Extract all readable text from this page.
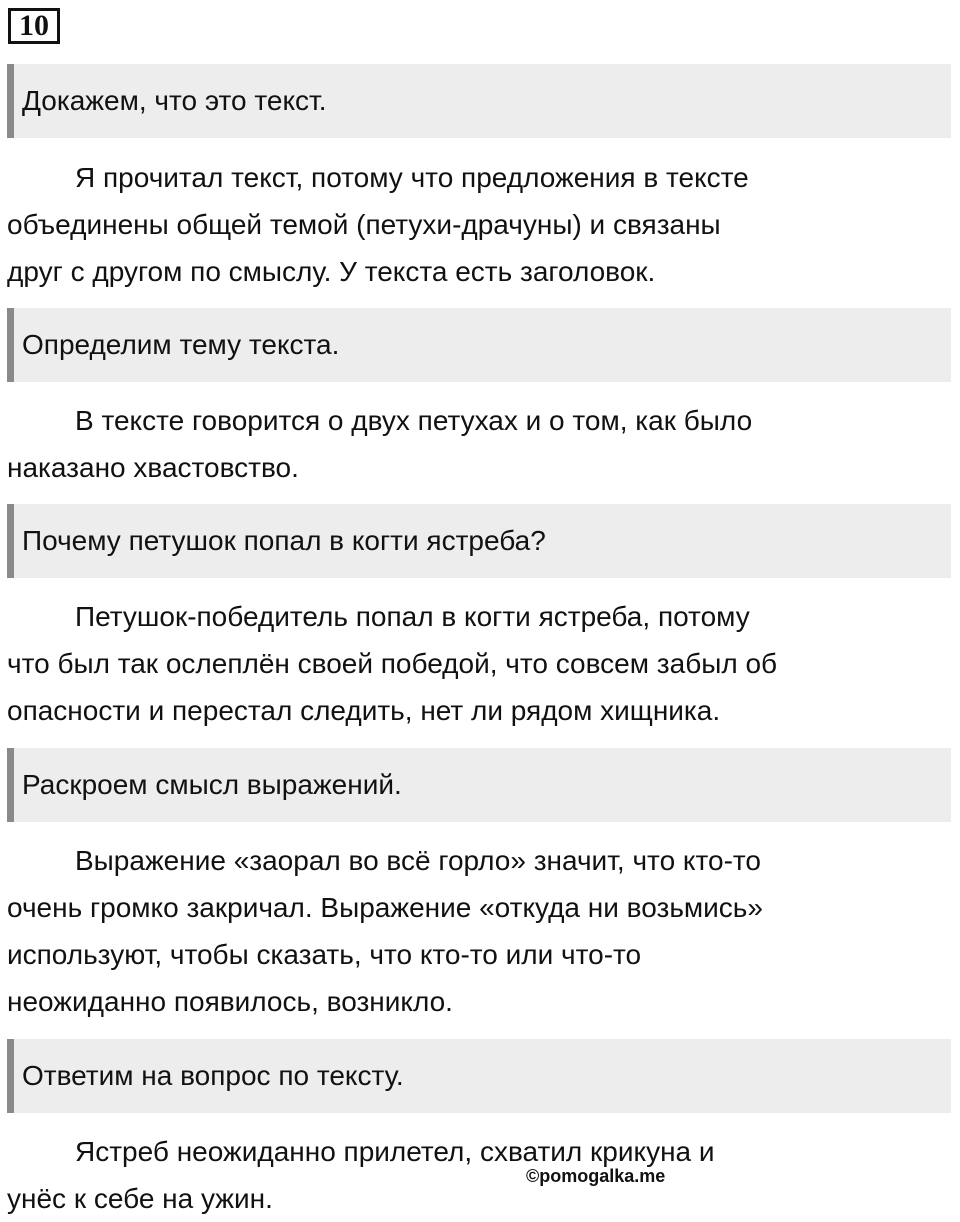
10
Докажем, что это текст.
Я прочитал текст, потому что предложения в тексте
объединены общей темой (петухи-драчуны) и связаны
друг с другом по смыслу. У текста есть заголовок.
Определим тему текста.
В тексте говорится о двух петухах и о том, как было
наказано хвастовство.
Почему петушок попал в когти ястреба?
Петушок-победитель попал в когти ястреба, потому
что был так ослеплён своей победой, что совсем забыл об
опасности и перестал следить, нет ли рядом хищника.
Раскроем смысл выражений.
Выражение «заорал во всё горло» значит, что кто-то
очень громко закричал. Выражение «откуда ни возьмись»
используют, чтобы сказать, что кто-то или что-то
неожиданно появилось, возникло.
Ответим на вопрос по тексту.
Ястреб неожиданно прилетел, схватил крикуна и
унёс к себе на ужин.
©pomogalka.me
